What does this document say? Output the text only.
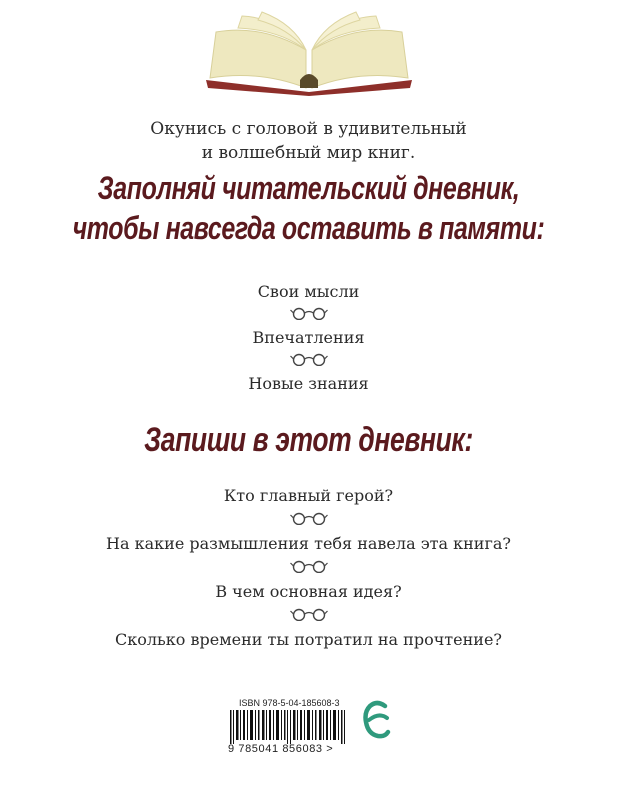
Окунись с головой в удивительный
и волшебный мир книг.
Заполняй читательский дневник,
чтобы навсегда оставить в памяти:
Свои мысли
Впечатления
Новые знания
Запиши в этот дневник:
Кто главный герой?
На какие размышления тебя навела эта книга?
В чем основная идея?
Сколько времени ты потратил на прочтение?
ISBN 978-5-04-185608-3
9 785041 856083 >
